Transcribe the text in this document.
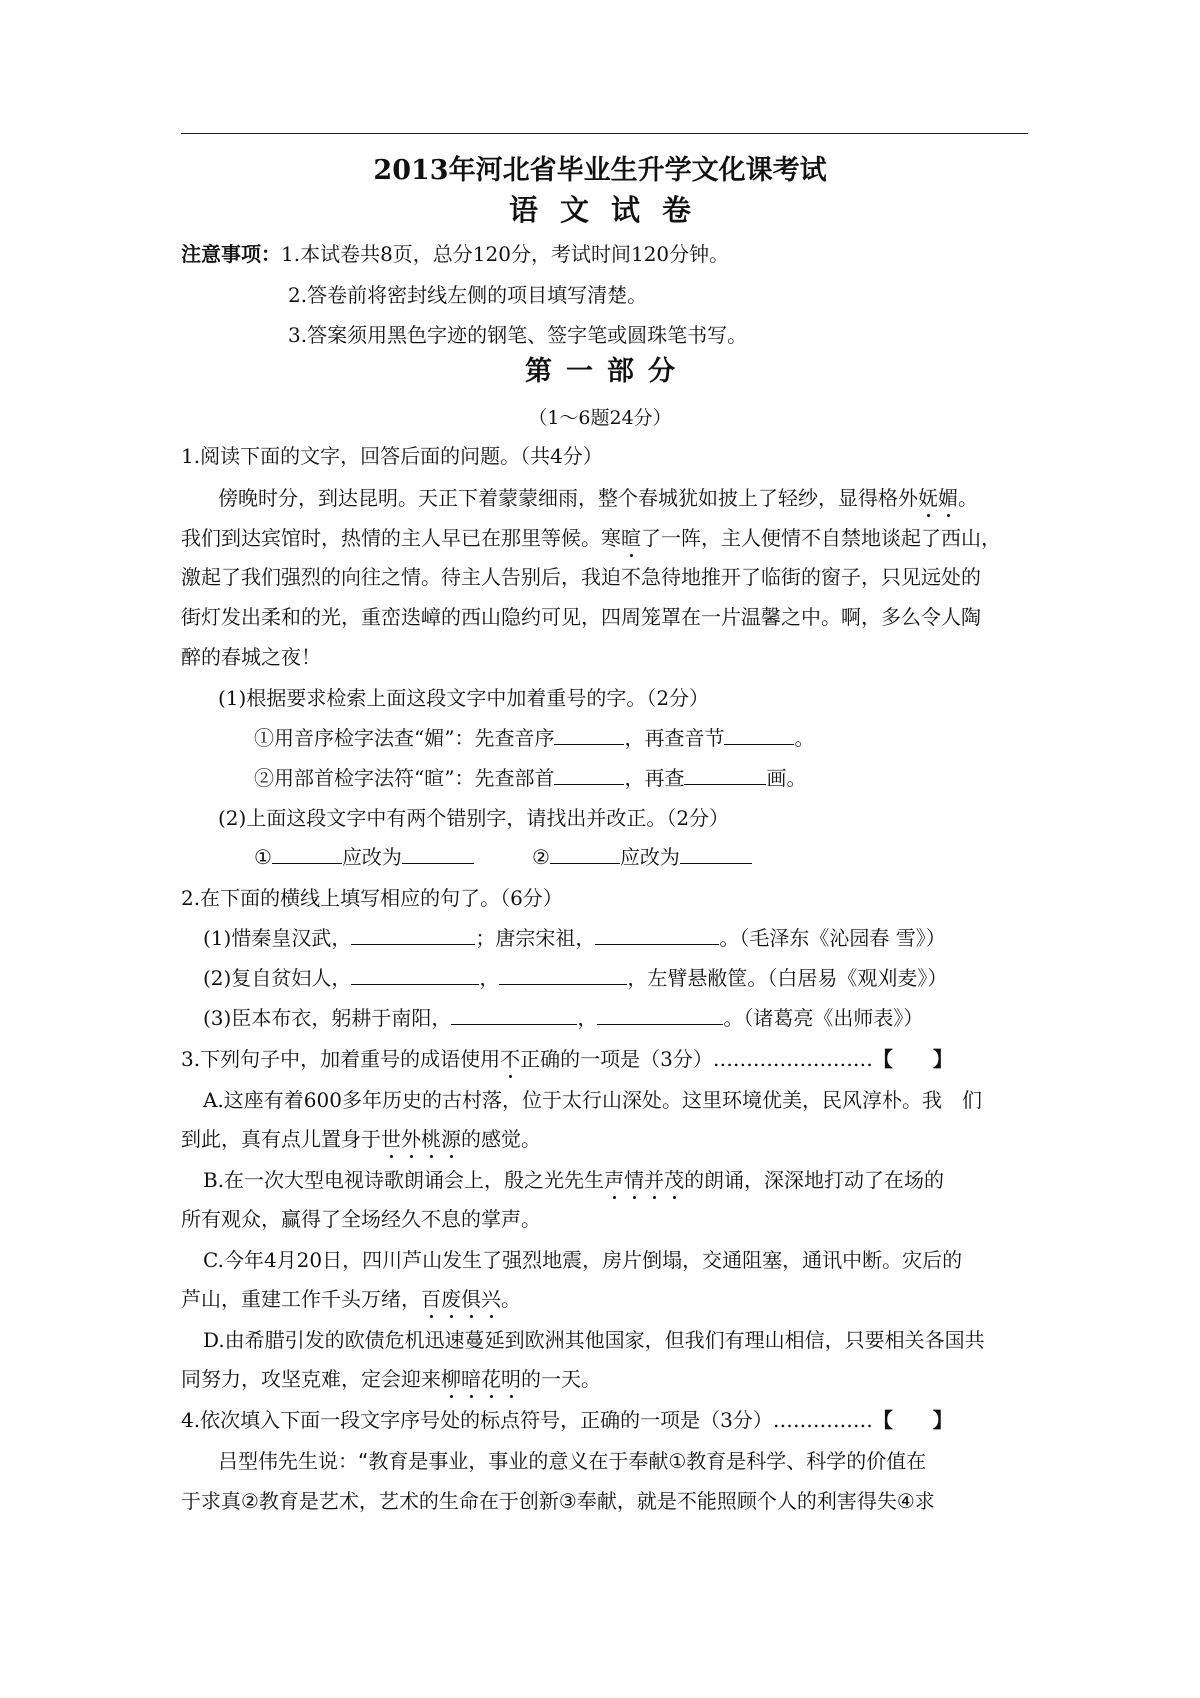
2013年河北省毕业生升学文化课考试
语文试卷
注意事项：1.本试卷共8页，总分120分，考试时间120分钟。
2.答卷前将密封线左侧的项目填写清楚。
3.答案须用黑色字迹的钢笔、签字笔或圆珠笔书写。
第一部分
（1～6题24分）
1.阅读下面的文字，回答后面的问题。（共4分）
傍晚时分，到达昆明。天正下着蒙蒙细雨，整个春城犹如披上了轻纱，显得格外妩媚。
我们到达宾馆时，热情的主人早已在那里等候。寒暄了一阵，主人便情不自禁地谈起了西山，
激起了我们强烈的向往之情。待主人告别后，我迫不急待地推开了临街的窗子，只见远处的
街灯发出柔和的光，重峦迭嶂的西山隐约可见，四周笼罩在一片温馨之中。啊，多么令人陶
醉的春城之夜！
(1)根据要求检索上面这段文字中加着重号的字。（2分）
①用音序检字法查“媚”：先查音序	，再查音节	。
②用部首检字法符“暄”：先查部首	，再查	画。
(2)上面这段文字中有两个错别字，请找出并改正。（2分）
①	应改为	②	应改为
2.在下面的横线上填写相应的句了。（6分）
(1)惜秦皇汉武，	；唐宗宋祖，	。（毛泽东《沁园春 雪》）
(2)复自贫妇人，	，	，左臂悬敝筐。（白居易《观刈麦》）
(3)臣本布衣，躬耕于南阳，	，	。（诸葛亮《出师表》）
3.下列句子中，加着重号的成语使用不正确的一项是（3分）……………………【　　】
A.这座有着600多年历史的古村落，位于太行山深处。这里环境优美，民风淳朴。我　们
到此，真有点儿置身于世外桃源的感觉。
B.在一次大型电视诗歌朗诵会上，殷之光先生声情并茂的朗诵，深深地打动了在场的
所有观众，赢得了全场经久不息的掌声。
C.今年4月20日，四川芦山发生了强烈地震，房片倒塌，交通阻塞，通讯中断。灾后的
芦山，重建工作千头万绪，百废俱兴。
D.由希腊引发的欧债危机迅速蔓延到欧洲其他国家，但我们有理山相信，只要相关各国共
同努力，攻坚克难，定会迎来柳暗花明的一天。
4.依次填入下面一段文字序号处的标点符号，正确的一项是（3分）……………【　　】
吕型伟先生说：“教育是事业，事业的意义在于奉献①教育是科学、科学的价值在
于求真②教育是艺术，艺术的生命在于创新③奉献，就是不能照顾个人的利害得失④求
